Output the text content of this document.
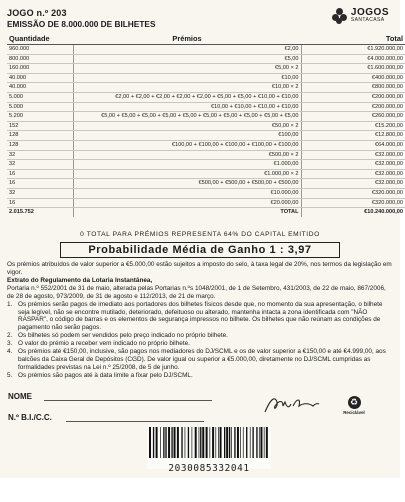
JOGO n.º 203
EMISSÃO DE 8.000.000 DE BILHETES
JOGOS
SANTACASA
Quantidade	Prémios	Total
960.000	€2,00	€1.920.000,00
800.000	€5,00	€4.000.000,00
160.000	€5,00 × 2	€1.600.000,00
40.000	€10,00	€400.000,00
40.000	€10,00 × 2	€800.000,00
5.000	€2,00 + €2,00 + €2,00 + €2,00 + €2,00 + €5,00 + €5,00 + €10,00 + €10,00	€200.000,00
5.000	€10,00 + €10,00 + €10,00 + €10,00	€200.000,00
5.200	€5,00 + €5,00 + €5,00 + €5,00 + €5,00 + €5,00 + €5,00 + €5,00 + €5,00 + €5,00	€260.000,00
152	€50,00 × 2	€15.200,00
128	€100,00	€12.800,00
128	€100,00 + €100,00 + €100,00 + €100,00 + €100,00	€64.000,00
32	€500,00 × 2	€32.000,00
32	€1.000,00	€32.000,00
16	€1.000,00 × 2	€32.000,00
16	€500,00 + €500,00 + €500,00 + €500,00	€32.000,00
32	€10.000,00	€320.000,00
16	€20.000,00	€320.000,00
2.015.752	TOTAL	€10.240.000,00
0 TOTAL PARA PRÉMIOS REPRESENTA 64% DO CAPITAL EMITIDO
Probabilidade Média de Ganho 1 : 3,97

Os prémios atribuídos de valor superior a €5.000,00 estão sujeitos a imposto do selo, à taxa legal de 20%, nos termos da legislação em vigor.

Extrato do Regulamento da Lotaria Instantânea,

Portaria n.º 552/2001 de 31 de maio, alterada pelas Portarias n.ºs 1048/2001, de 1 de Setembro, 431/2003, de 22 de maio, 867/2006, de 28 de agosto, 973/2009, de 31 de agosto e 112/2013, de 21 de março.

1. Os prémios serão pagos de imediato aos portadores dos bilhetes físicos desde que, no momento da sua apresentação, o bilhete seja legível, não se encontre mutilado, deteriorado, defeituoso ou alterado, mantenha intacta a zona identificada com "NÃO RASPAR", o código de barras e os elementos de segurança impressos no bilhete. Os bilhetes que não reúnam as condições de pagamento não serão pagos.
2. Os bilhetes só podem ser vendidos pelo preço indicado no próprio bilhete.
3. O valor do prémio a receber vem indicado no próprio bilhete.
4. Os prémios até €150,00, inclusive, são pagos nos mediadores do DJ/SCML e os de valor superior a €150,00 e até €4.999,00, aos balcões da Caixa Geral de Depósitos (CGD). De valor igual ou superior a €5.000,00, diretamente no DJ/SCML cumpridas as formalidades previstas na Lei n.º 25/2008, de 5 de junho.
5. Os prémios são pagos até à data limite a fixar pelo DJ/SCML.
NOME
N.º B.I./C.C.
♻
Reciclável
2030085332041
